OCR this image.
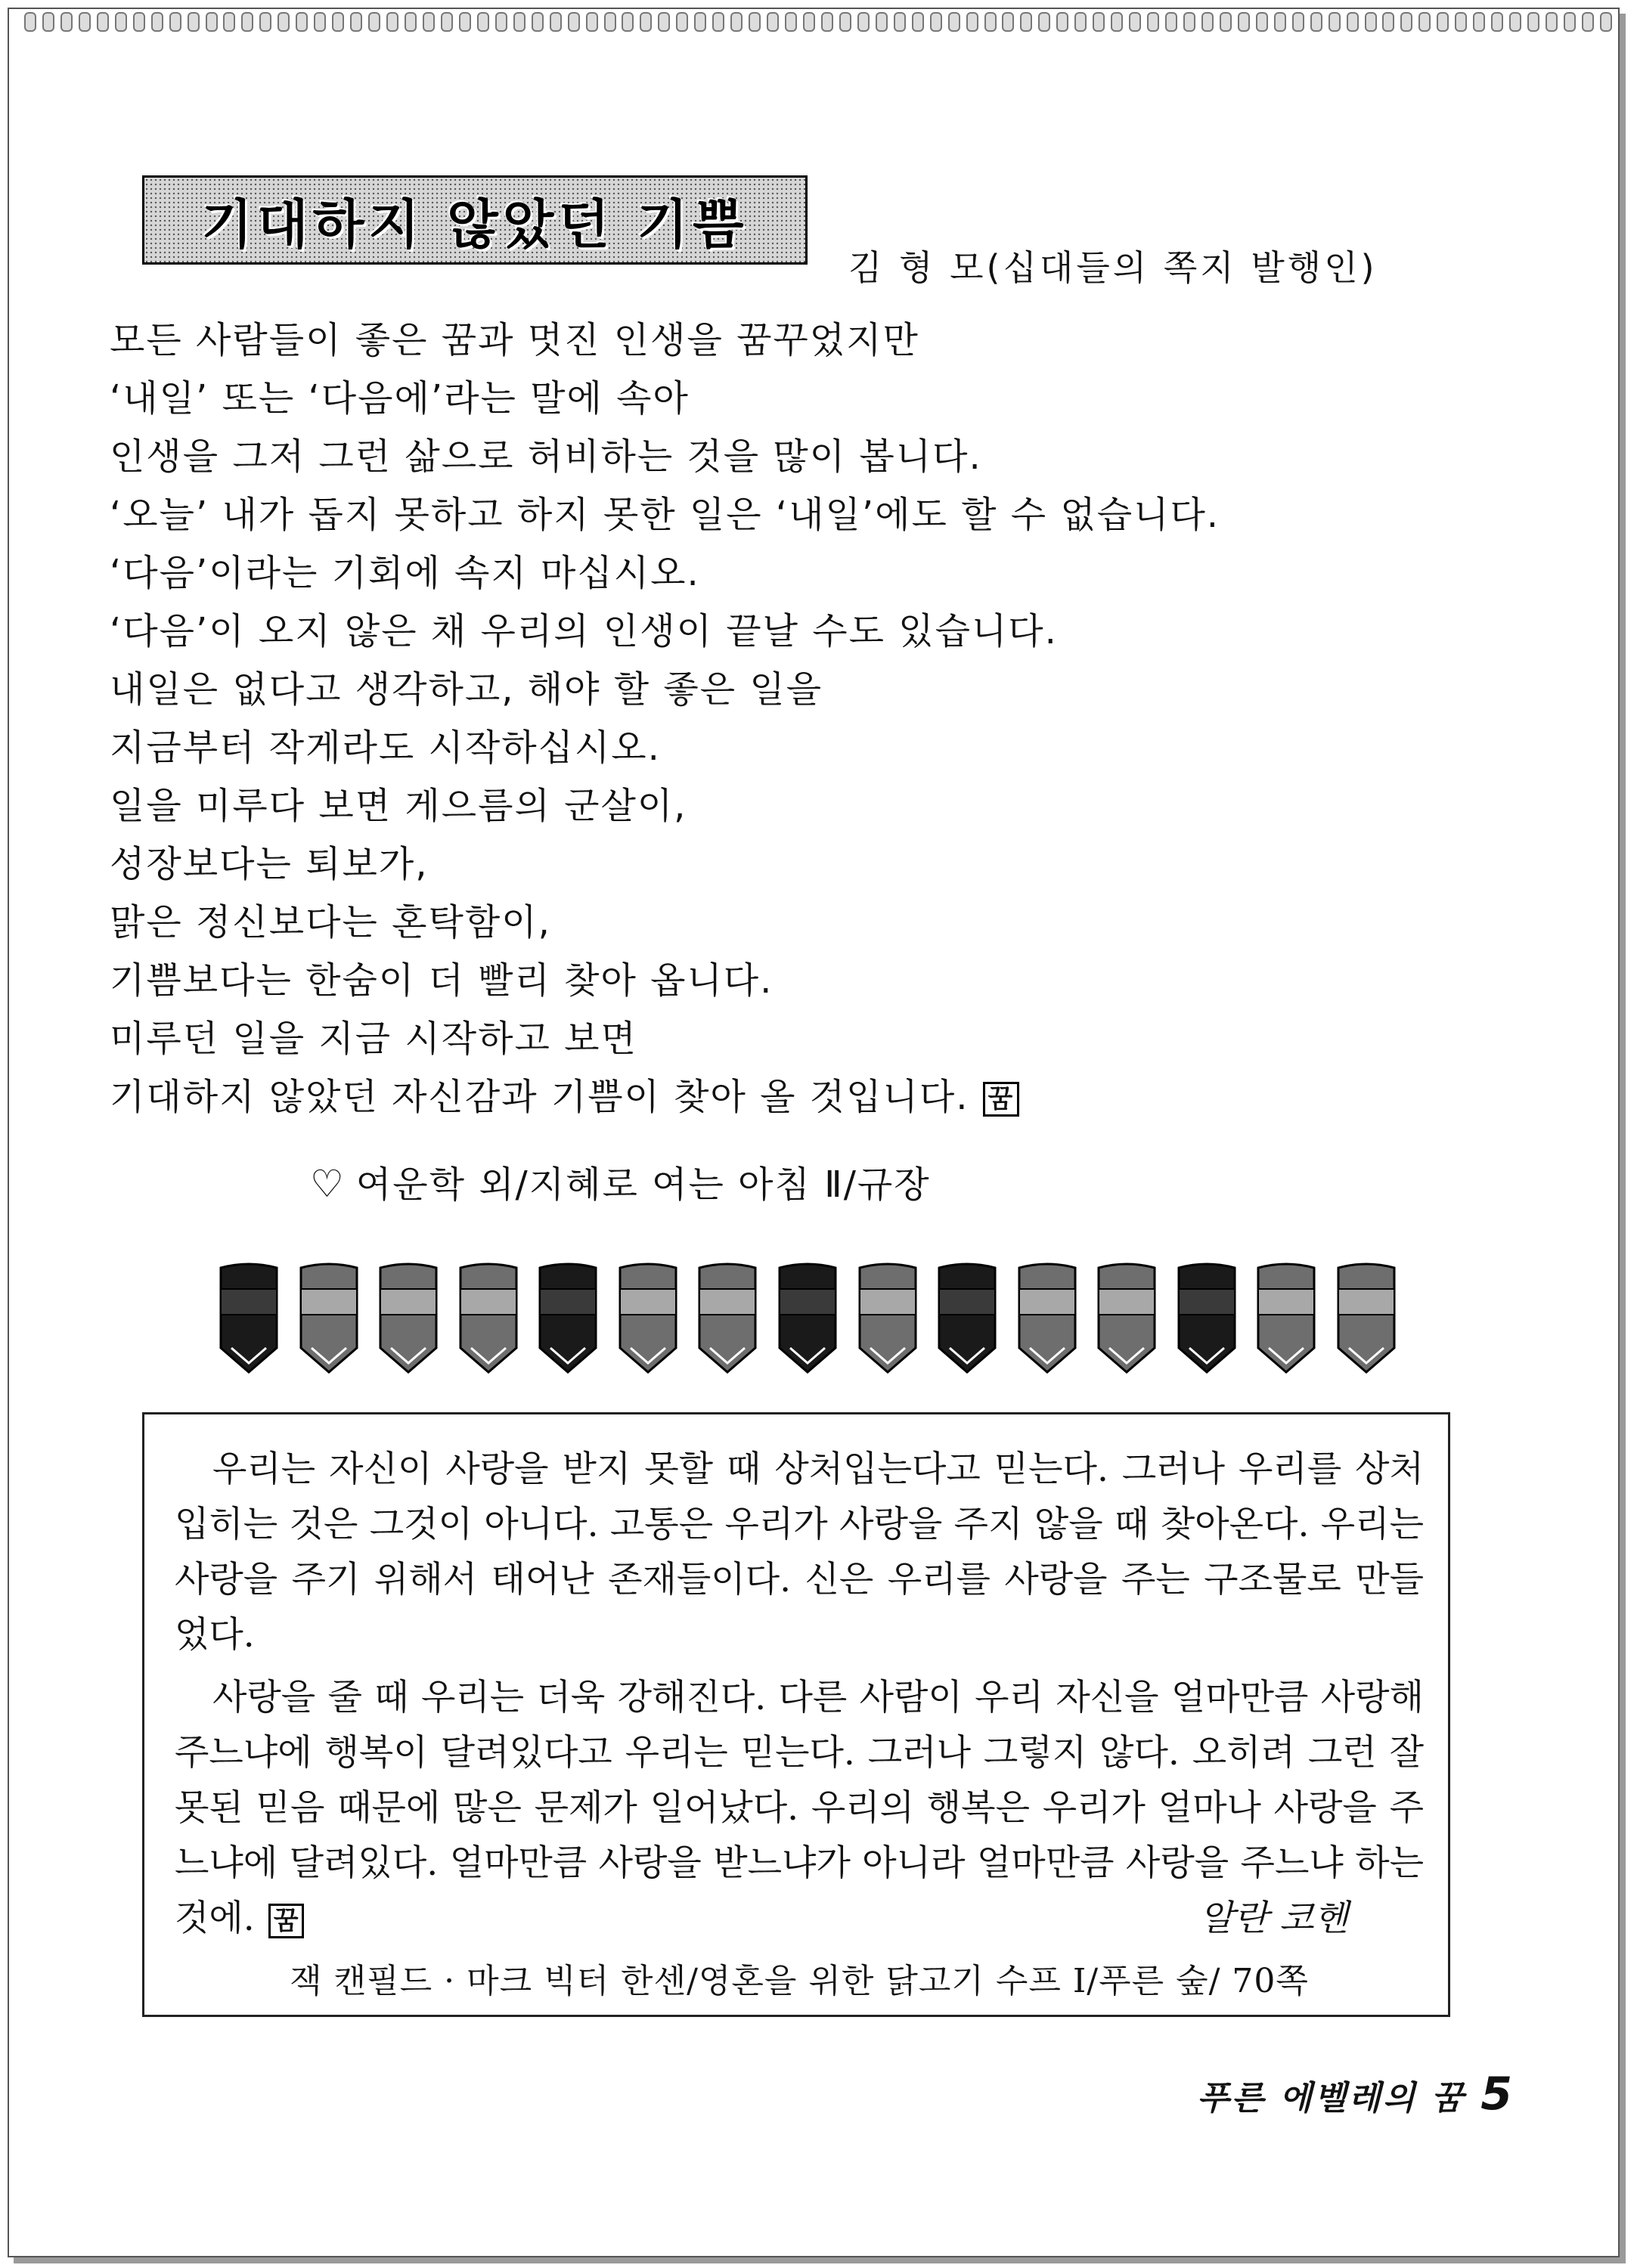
기대하지 않았던 기쁨
김 형 모(십대들의 쪽지 발행인)
모든 사람들이 좋은 꿈과 멋진 인생을 꿈꾸었지만
‘내일’ 또는 ‘다음에’라는 말에 속아
인생을 그저 그런 삶으로 허비하는 것을 많이 봅니다.
‘오늘’ 내가 돕지 못하고 하지 못한 일은 ‘내일’에도 할 수 없습니다.
‘다음’이라는 기회에 속지 마십시오.
‘다음’이 오지 않은 채 우리의 인생이 끝날 수도 있습니다.
내일은 없다고 생각하고, 해야 할 좋은 일을
지금부터 작게라도 시작하십시오.
일을 미루다 보면 게으름의 군살이,
성장보다는 퇴보가,
맑은 정신보다는 혼탁함이,
기쁨보다는 한숨이 더 빨리 찾아 옵니다.
미루던 일을 지금 시작하고 보면
기대하지 않았던 자신감과 기쁨이 찾아 올 것입니다. 꿈
♡ 여운학 외/지혜로 여는 아침 Ⅱ/규장

우리는 자신이 사랑을 받지 못할 때 상처입는다고 믿는다. 그러나 우리를 상처 입히는 것은 그것이 아니다. 고통은 우리가 사랑을 주지 않을 때 찾아온다. 우리는 사랑을 주기 위해서 태어난 존재들이다. 신은 우리를 사랑을 주는 구조물로 만들었다.

사랑을 줄 때 우리는 더욱 강해진다. 다른 사람이 우리 자신을 얼마만큼 사랑해 주느냐에 행복이 달려있다고 우리는 믿는다. 그러나 그렇지 않다. 오히려 그런 잘못된 믿음 때문에 많은 문제가 일어났다. 우리의 행복은 우리가 얼마나 사랑을 주느냐에 달려있다. 얼마만큼 사랑을 받느냐가 아니라 얼마만큼 사랑을 주느냐 하는 것에. 꿈	알란 코헨

잭 캔필드 · 마크 빅터 한센/영혼을 위한 닭고기 수프 Ⅰ/푸른 숲/ 70쪽
푸른 에벨레의 꿈 5
